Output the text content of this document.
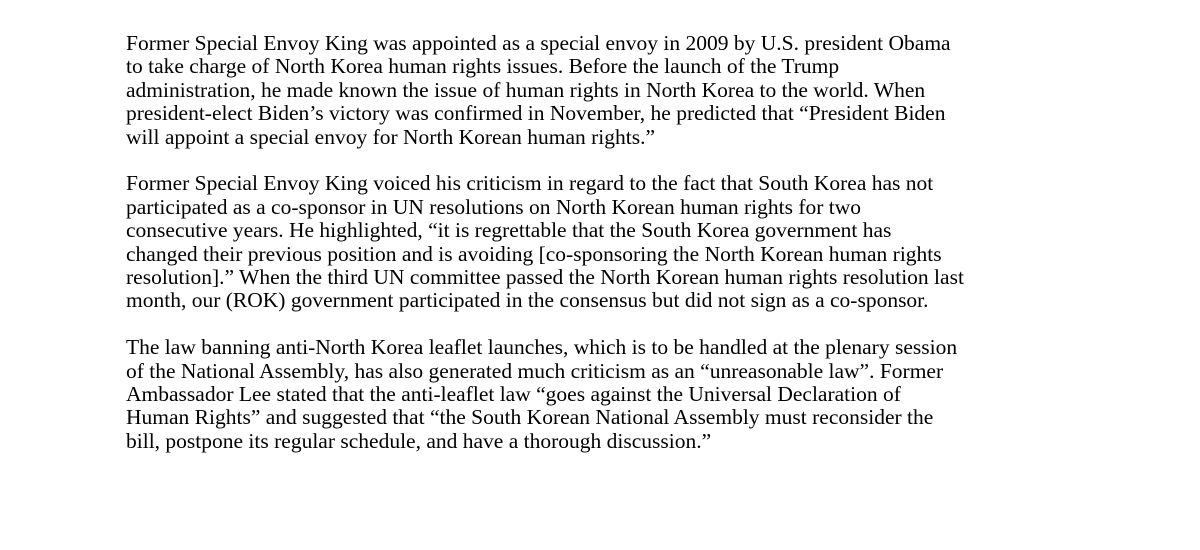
Former Special Envoy King was appointed as a special envoy in 2009 by U.S. president Obama
to take charge of North Korea human rights issues. Before the launch of the Trump
administration, he made known the issue of human rights in North Korea to the world. When
president-elect Biden’s victory was confirmed in November, he predicted that “President Biden
will appoint a special envoy for North Korean human rights.”

Former Special Envoy King voiced his criticism in regard to the fact that South Korea has not
participated as a co-sponsor in UN resolutions on North Korean human rights for two
consecutive years. He highlighted, “it is regrettable that the South Korea government has
changed their previous position and is avoiding [co-sponsoring the North Korean human rights
resolution].” When the third UN committee passed the North Korean human rights resolution last
month, our (ROK) government participated in the consensus but did not sign as a co-sponsor.

The law banning anti-North Korea leaflet launches, which is to be handled at the plenary session
of the National Assembly, has also generated much criticism as an “unreasonable law”. Former
Ambassador Lee stated that the anti-leaflet law “goes against the Universal Declaration of
Human Rights” and suggested that “the South Korean National Assembly must reconsider the
bill, postpone its regular schedule, and have a thorough discussion.”
